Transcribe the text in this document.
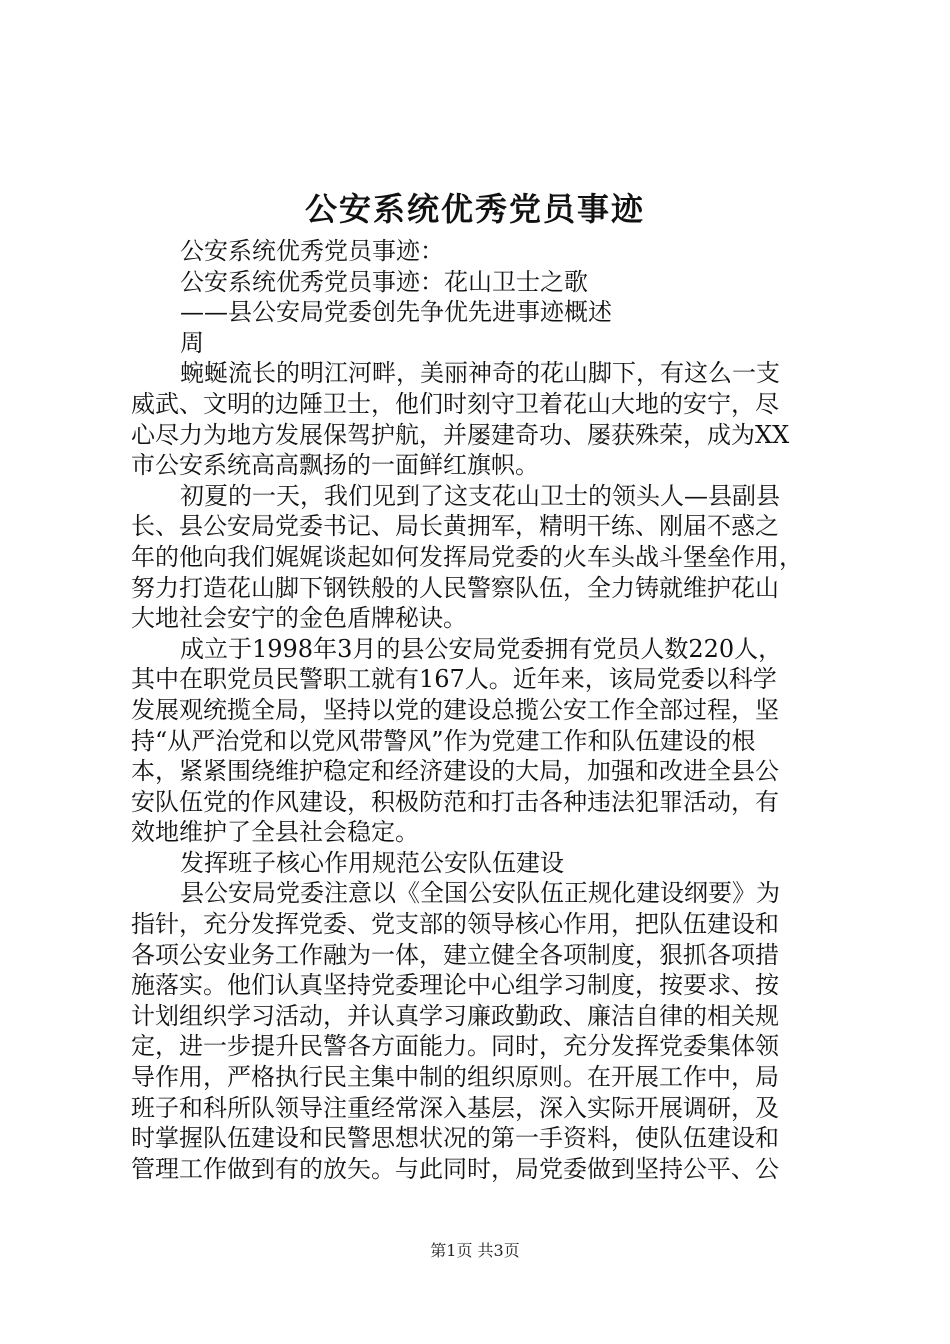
公安系统优秀党员事迹
公安系统优秀党员事迹：
公安系统优秀党员事迹：花山卫士之歌
——县公安局党委创先争优先进事迹概述
周
蜿蜒流长的明江河畔，美丽神奇的花山脚下，有这么一支
威武、文明的边陲卫士，他们时刻守卫着花山大地的安宁，尽
心尽力为地方发展保驾护航，并屡建奇功、屡获殊荣，成为XX
市公安系统高高飘扬的一面鲜红旗帜。
初夏的一天，我们见到了这支花山卫士的领头人—县副县
长、县公安局党委书记、局长黄拥军，精明干练、刚届不惑之
年的他向我们娓娓谈起如何发挥局党委的火车头战斗堡垒作用，
努力打造花山脚下钢铁般的人民警察队伍，全力铸就维护花山
大地社会安宁的金色盾牌秘诀。
成立于1998年3月的县公安局党委拥有党员人数220人，
其中在职党员民警职工就有167人。近年来，该局党委以科学
发展观统揽全局，坚持以党的建设总揽公安工作全部过程，坚
持“从严治党和以党风带警风”作为党建工作和队伍建设的根
本，紧紧围绕维护稳定和经济建设的大局，加强和改进全县公
安队伍党的作风建设，积极防范和打击各种违法犯罪活动，有
效地维护了全县社会稳定。
发挥班子核心作用规范公安队伍建设
县公安局党委注意以《全国公安队伍正规化建设纲要》为
指针，充分发挥党委、党支部的领导核心作用，把队伍建设和
各项公安业务工作融为一体，建立健全各项制度，狠抓各项措
施落实。他们认真坚持党委理论中心组学习制度，按要求、按
计划组织学习活动，并认真学习廉政勤政、廉洁自律的相关规
定，进一步提升民警各方面能力。同时，充分发挥党委集体领
导作用，严格执行民主集中制的组织原则。在开展工作中，局
班子和科所队领导注重经常深入基层，深入实际开展调研，及
时掌握队伍建设和民警思想状况的第一手资料，使队伍建设和
管理工作做到有的放矢。与此同时，局党委做到坚持公平、公
第1页 共3页
